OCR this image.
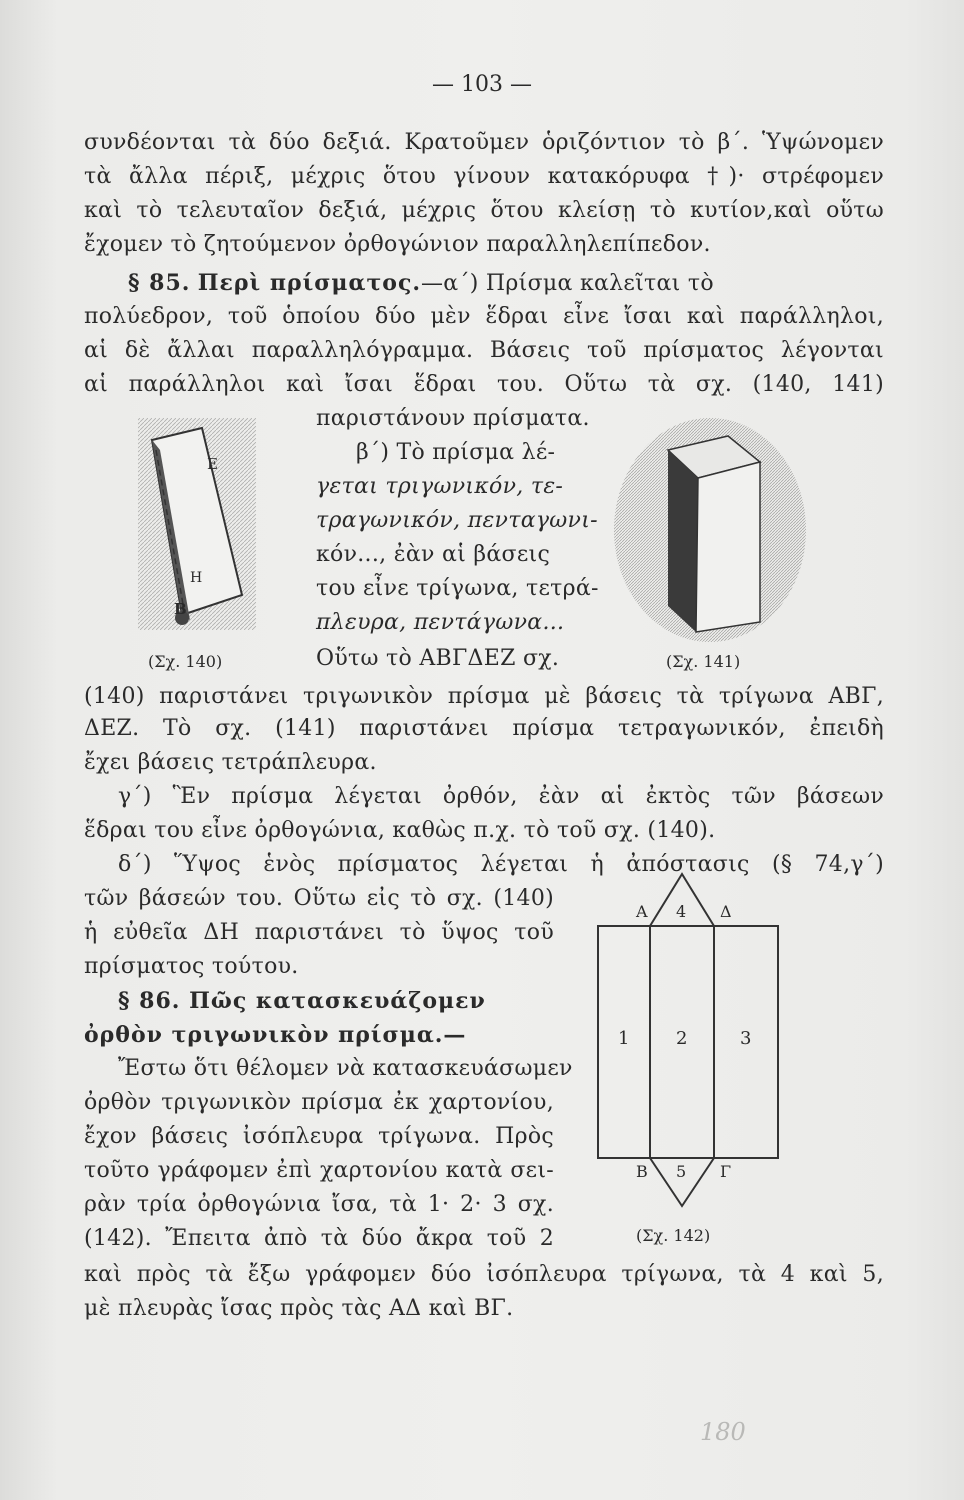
— 103 —
συνδέονται τὰ δύο δεξιά. Κρατοῦμεν ὁριζόντιον τὸ β΄. Ὑψώνομεν
τὰ ἄλλα πέριξ, μέχρις ὅτου γίνουν κατακόρυφα †)· στρέφομεν
καὶ τὸ τελευταῖον δεξιά, μέχρις ὅτου κλείσῃ τὸ κυτίον,καὶ οὕτω
ἔχομεν τὸ ζητούμενον ὀρθογώνιον παραλληλεπίπεδον.
§ 85. Περὶ πρίσματος.—α΄) Πρίσμα καλεῖται τὸ
πολύεδρον, τοῦ ὁποίου δύο μὲν ἕδραι εἶνε ἴσαι καὶ παράλληλοι,
αἱ δὲ ἄλλαι παραλληλόγραμμα. Βάσεις τοῦ πρίσματος λέγονται
αἱ παράλληλοι καὶ ἴσαι ἕδραι του. Οὕτω τὰ σχ. (140, 141)
παριστάνουν πρίσματα.
Ε
Β
Η
β΄) Τὸ πρίσμα λέ-
γεται τριγωνικόν, τε-
τραγωνικόν, πενταγωνι-
κόν..., ἐὰν αἱ βάσεις
του εἶνε τρίγωνα, τετρά-
πλευρα, πεντάγωνα...
Οὕτω τὸ ΑΒΓΔΕΖ σχ.
(Σχ. 140)	(Σχ. 141)
(140) παριστάνει τριγωνικὸν πρίσμα μὲ βάσεις τὰ τρίγωνα ΑΒΓ,
ΔΕΖ. Τὸ σχ. (141) παριστάνει πρίσμα τετραγωνικόν, ἐπειδὴ
ἔχει βάσεις τετράπλευρα.
γ΄) Ἓν πρίσμα λέγεται ὀρθόν, ἐὰν αἱ ἐκτὸς τῶν βάσεων
ἕδραι του εἶνε ὀρθογώνια, καθὼς π.χ. τὸ τοῦ σχ. (140).
δ΄) Ὕψος ἑνὸς πρίσματος λέγεται ἡ ἀπόστασις (§ 74,γ΄)
τῶν βάσεών του. Οὕτω εἰς τὸ σχ. (140)
ἡ εὐθεῖα ΔΗ παριστάνει τὸ ὕψος τοῦ
πρίσματος τούτου.
§ 86. Πῶς κατασκευάζομεν
ὀρθὸν τριγωνικὸν πρίσμα.—
Ἔστω ὅτι θέλομεν νὰ κατασκευάσωμεν
ὀρθὸν τριγωνικὸν πρίσμα ἐκ χαρτονίου,
ἔχον βάσεις ἰσόπλευρα τρίγωνα. Πρὸς
τοῦτο γράφομεν ἐπὶ χαρτονίου κατὰ σει-
ρὰν τρία ὀρθογώνια ἴσα, τὰ 1· 2· 3 σχ.
(142). Ἔπειτα ἀπὸ τὰ δύο ἄκρα τοῦ 2
καὶ πρὸς τὰ ἔξω γράφομεν δύο ἰσόπλευρα τρίγωνα, τὰ 4 καὶ 5,
μὲ πλευρὰς ἴσας πρὸς τὰς ΑΔ καὶ ΒΓ.
Α	Δ
4
1	2	3
Β 5 Γ
(Σχ. 142)
180
